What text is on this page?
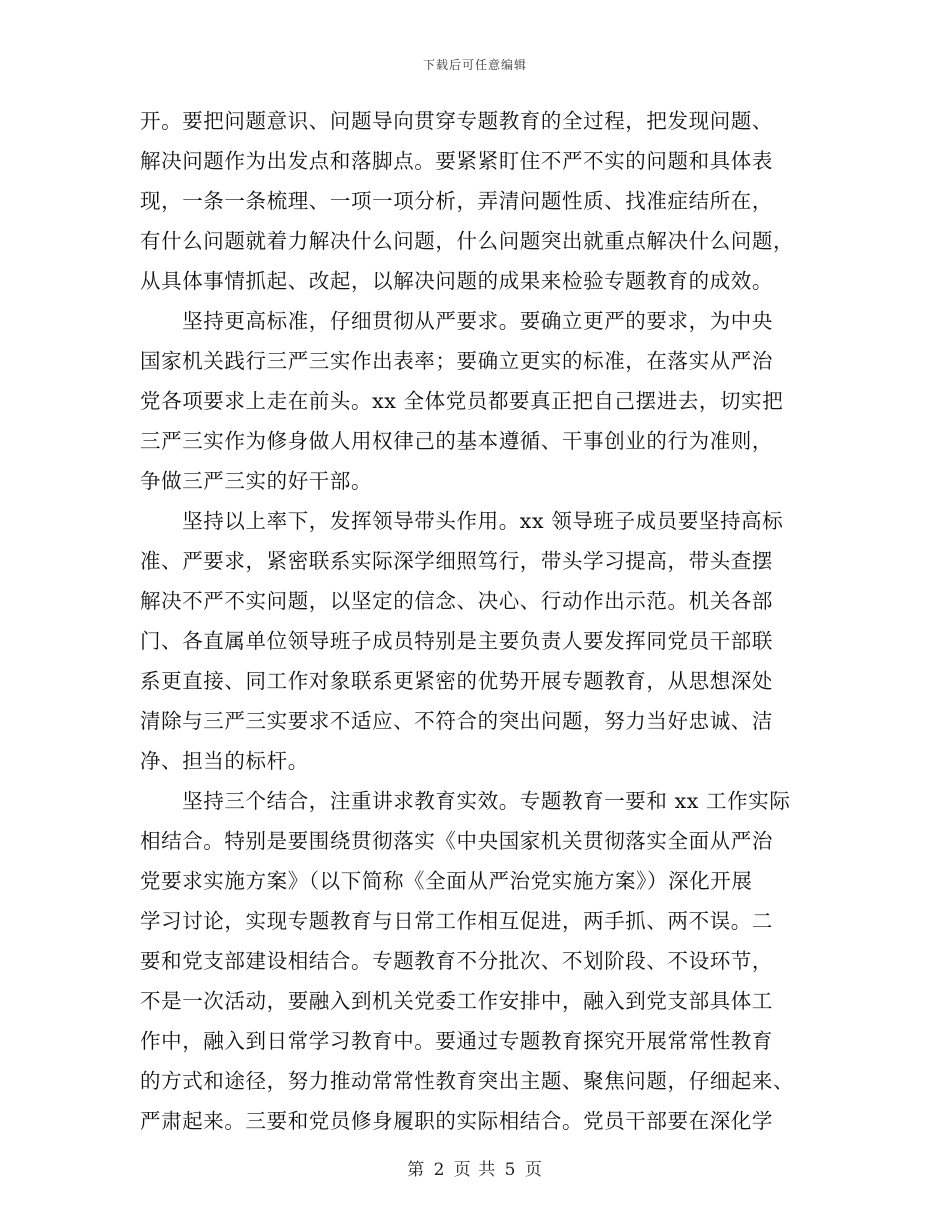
下载后可任意编辑
开。要把问题意识、问题导向贯穿专题教育的全过程，把发现问题、
解决问题作为出发点和落脚点。要紧紧盯住不严不实的问题和具体表
现，一条一条梳理、一项一项分析，弄清问题性质、找准症结所在，
有什么问题就着力解决什么问题，什么问题突出就重点解决什么问题，
从具体事情抓起、改起，以解决问题的成果来检验专题教育的成效。
　　坚持更高标准，仔细贯彻从严要求。要确立更严的要求，为中央
国家机关践行三严三实作出表率；要确立更实的标准，在落实从严治
党各项要求上走在前头。xx 全体党员都要真正把自己摆进去，切实把
三严三实作为修身做人用权律己的基本遵循、干事创业的行为准则，
争做三严三实的好干部。
　　坚持以上率下，发挥领导带头作用。xx 领导班子成员要坚持高标
准、严要求，紧密联系实际深学细照笃行，带头学习提高，带头查摆
解决不严不实问题，以坚定的信念、决心、行动作出示范。机关各部
门、各直属单位领导班子成员特别是主要负责人要发挥同党员干部联
系更直接、同工作对象联系更紧密的优势开展专题教育，从思想深处
清除与三严三实要求不适应、不符合的突出问题，努力当好忠诚、洁
净、担当的标杆。
　　坚持三个结合，注重讲求教育实效。专题教育一要和 xx 工作实际
相结合。特别是要围绕贯彻落实《中央国家机关贯彻落实全面从严治
党要求实施方案》（以下简称《全面从严治党实施方案》）深化开展
学习讨论，实现专题教育与日常工作相互促进，两手抓、两不误。二
要和党支部建设相结合。专题教育不分批次、不划阶段、不设环节，
不是一次活动，要融入到机关党委工作安排中，融入到党支部具体工
作中，融入到日常学习教育中。要通过专题教育探究开展常常性教育
的方式和途径，努力推动常常性教育突出主题、聚焦问题，仔细起来、
严肃起来。三要和党员修身履职的实际相结合。党员干部要在深化学
第 2 页 共 5 页
